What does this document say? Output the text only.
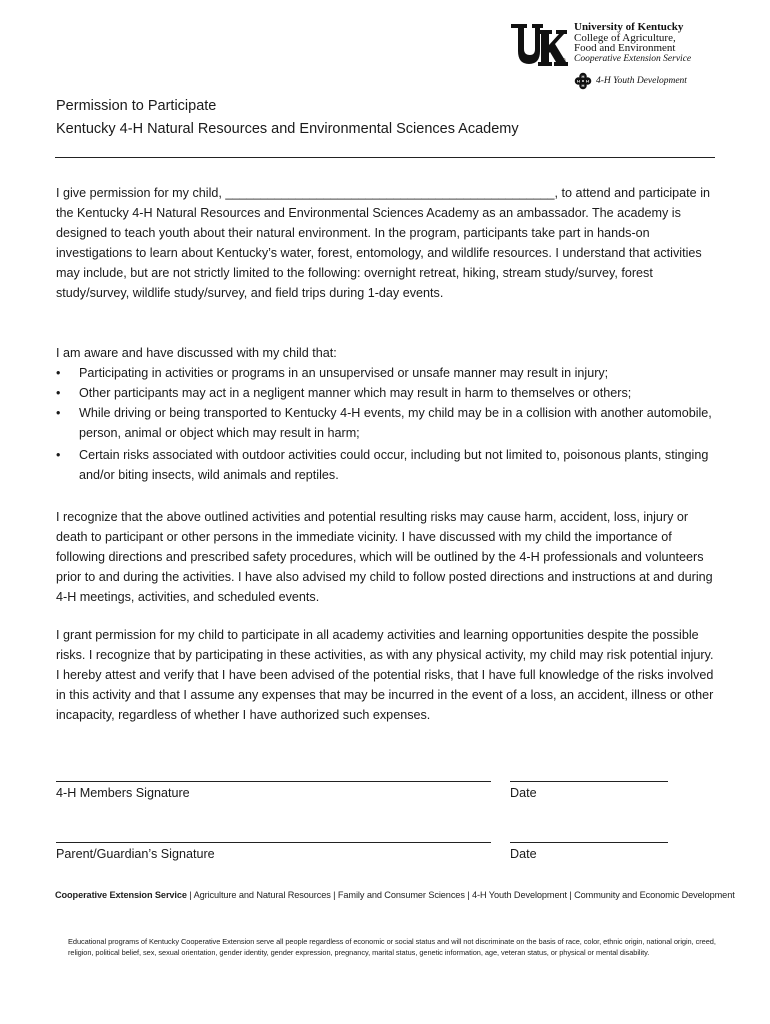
®
University of Kentucky
College of Agriculture,
Food and Environment
Cooperative Extension Service
H
H
H H 4-H Youth Development
Permission to Participate
Kentucky 4-H Natural Resources and Environmental Sciences Academy
I give permission for my child, _______________________________________________, to attend and participate in the Kentucky 4-H Natural Resources and Environmental Sciences Academy as an ambassador. The academy is designed to teach youth about their natural environment. In the program, participants take part in hands-on investigations to learn about Kentucky’s water, forest, entomology, and wildlife resources. I understand that activities may include, but are not strictly limited to the following: overnight retreat, hiking, stream study/survey, forest study/survey, wildlife study/survey, and field trips during 1-day events.
I am aware and have discussed with my child that:
• Participating in activities or programs in an unsupervised or unsafe manner may result in injury;
• Other participants may act in a negligent manner which may result in harm to themselves or others;
• While driving or being transported to Kentucky 4-H events, my child may be in a collision with another automobile, person, animal or object which may result in harm;
• Certain risks associated with outdoor activities could occur, including but not limited to, poisonous plants, stinging and/or biting insects, wild animals and reptiles.
I recognize that the above outlined activities and potential resulting risks may cause harm, accident, loss, injury or death to participant or other persons in the immediate vicinity. I have discussed with my child the importance of following directions and prescribed safety procedures, which will be outlined by the 4-H professionals and volunteers prior to and during the activities. I have also advised my child to follow posted directions and instructions at and during 4-H meetings, activities, and scheduled events.
I grant permission for my child to participate in all academy activities and learning opportunities despite the possible risks. I recognize that by participating in these activities, as with any physical activity, my child may risk potential injury. I hereby attest and verify that I have been advised of the potential risks, that I have full knowledge of the risks involved in this activity and that I assume any expenses that may be incurred in the event of a loss, an accident, illness or other incapacity, regardless of whether I have authorized such expenses.
4-H Members Signature	Date
Parent/Guardian’s Signature	Date
Cooperative Extension Service | Agriculture and Natural Resources | Family and Consumer Sciences | 4-H Youth Development | Community and Economic Development
Educational programs of Kentucky Cooperative Extension serve all people regardless of economic or social status and will not discriminate on the basis of race, color, ethnic origin, national origin, creed, religion, political belief, sex, sexual orientation, gender identity, gender expression, pregnancy, marital status, genetic information, age, veteran status, or physical or mental disability.
